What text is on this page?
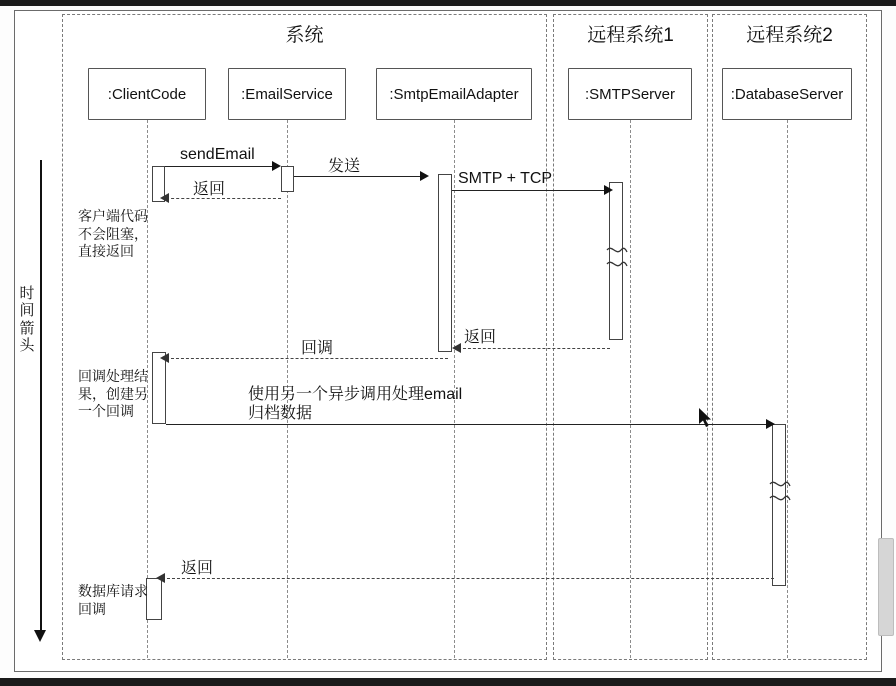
系统	远程系统1	远程系统2
:ClientCode	:EmailService	:SmtpEmailAdapter	:SMTPServer	:DatabaseServer
sendEmail
返回
发送
SMTP + TCP
返回
回调
使用另一个异步调用处理email
归档数据
返回
客户端代码不会阻塞，直接返回
回调处理结果，创建另一个回调
数据库请求回调
时间箭头
